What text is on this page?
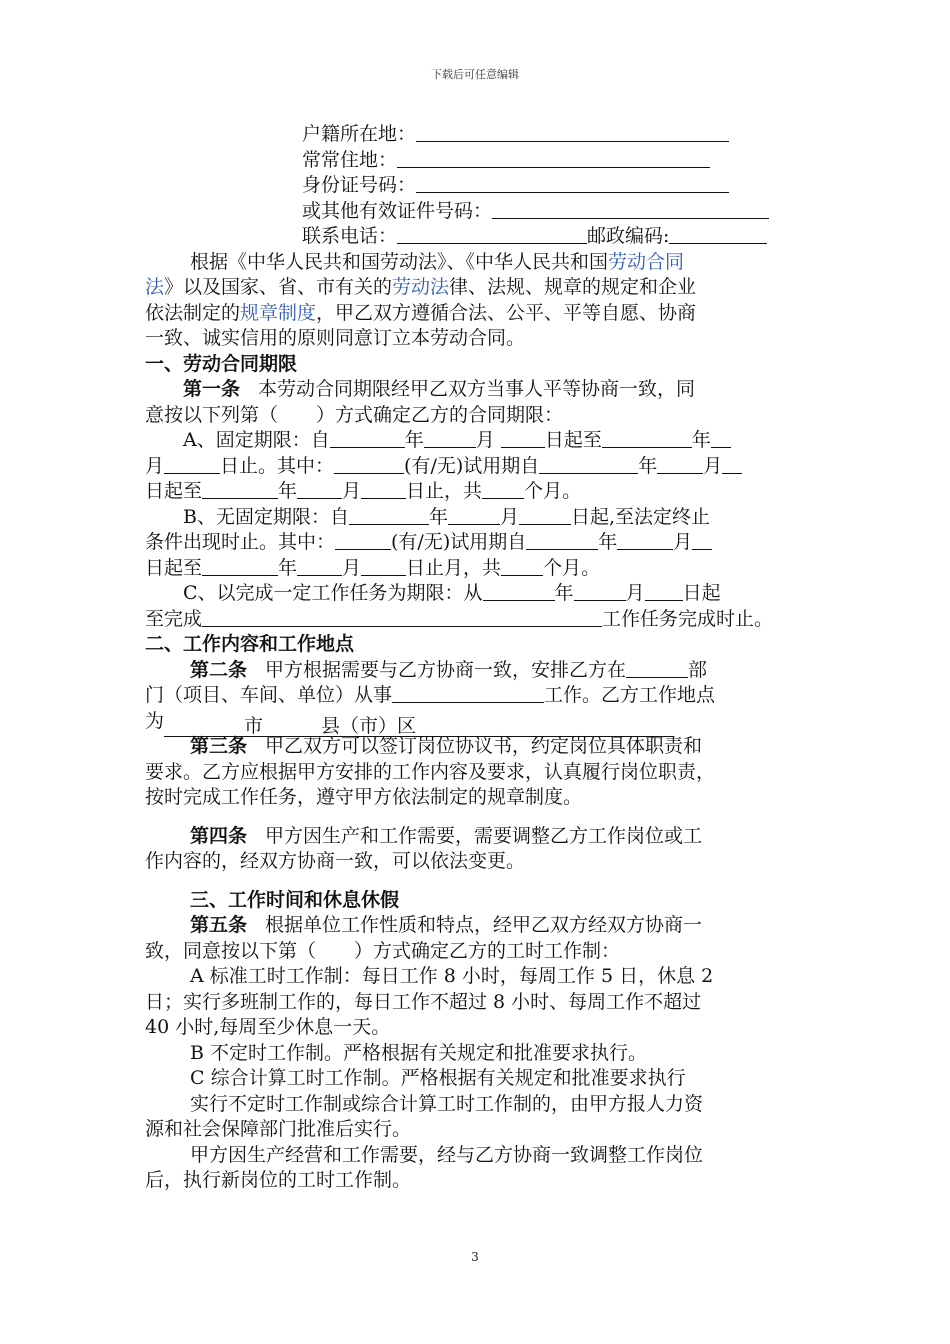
下载后可任意编辑
户籍所在地：
常常住地：
身份证号码：
或其他有效证件号码：
联系电话：	邮政编码:
根据《中华人民共和国劳动法》、《中华人民共和国劳动合同
法》以及国家、省、市有关的劳动法律、法规、规章的规定和企业
依法制定的规章制度，甲乙双方遵循合法、公平、平等自愿、协商
一致、诚实信用的原则同意订立本劳动合同。
一、劳动合同期限
第一条 本劳动合同期限经甲乙双方当事人平等协商一致，同
意按以下列第（　　）方式确定乙方的合同期限：
A、固定期限：自	年	月	日起至	年
月	日止。其中：	(有/无)试用期自	年 月
日起至	年 月 日止，共 个月。
B、无固定期限：自	年	月	日起,至法定终止
条件出现时止。其中：	(有/无)试用期自	年	月
日起至	年 月 日止月，共 个月。
C、以完成一定工作任务为期限：从	年	月 日起
至完成	工作任务完成时止。
二、工作内容和工作地点
第二条 甲方根据需要与乙方协商一致，安排乙方在	部
门（项目、车间、单位）从事	工作。乙方工作地点
为	市	县（市）区
第三条 甲乙双方可以签订岗位协议书，约定岗位具体职责和
要求。乙方应根据甲方安排的工作内容及要求，认真履行岗位职责，
按时完成工作任务，遵守甲方依法制定的规章制度。
第四条 甲方因生产和工作需要，需要调整乙方工作岗位或工
作内容的，经双方协商一致，可以依法变更。
三、工作时间和休息休假
第五条 根据单位工作性质和特点，经甲乙双方经双方协商一
致，同意按以下第（　　）方式确定乙方的工时工作制：
A 标准工时工作制：每日工作 8 小时，每周工作 5 日，休息 2
日；实行多班制工作的，每日工作不超过 8 小时、每周工作不超过
40 小时,每周至少休息一天。
B 不定时工作制。严格根据有关规定和批准要求执行。
C 综合计算工时工作制。严格根据有关规定和批准要求执行
实行不定时工作制或综合计算工时工作制的，由甲方报人力资
源和社会保障部门批准后实行。
甲方因生产经营和工作需要，经与乙方协商一致调整工作岗位
后，执行新岗位的工时工作制。
3
